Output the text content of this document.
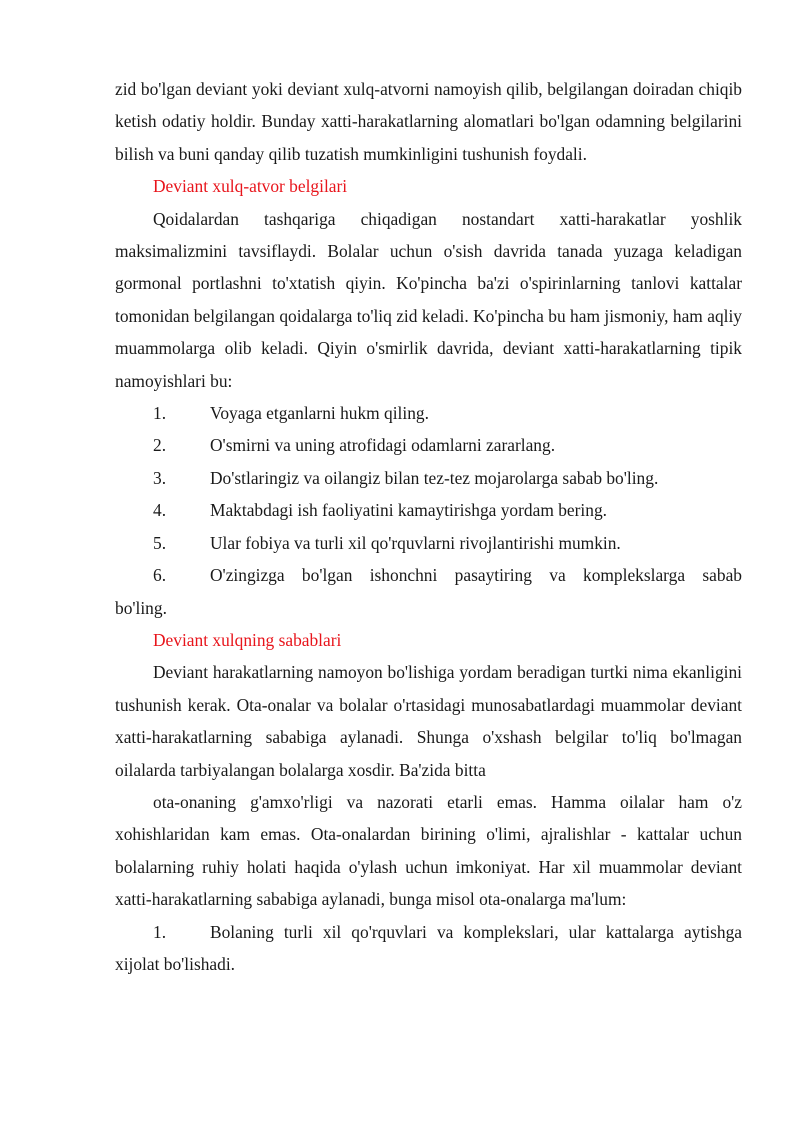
zid bo'lgan deviant yoki deviant xulq-atvorni namoyish qilib, belgilangan doiradan chiqib ketish odatiy holdir. Bunday xatti-harakatlarning alomatlari bo'lgan odamning belgilarini bilish va buni qanday qilib tuzatish mumkinligini tushunish foydali.

Deviant xulq-atvor belgilari

Qoidalardan tashqariga chiqadigan nostandart xatti-harakatlar yoshlik maksimalizmini tavsiflaydi. Bolalar uchun o'sish davrida tanada yuzaga keladigan gormonal portlashni to'xtatish qiyin. Ko'pincha ba'zi o'spirinlarning tanlovi kattalar tomonidan belgilangan qoidalarga to'liq zid keladi. Ko'pincha bu ham jismoniy, ham aqliy muammolarga olib keladi. Qiyin o'smirlik davrida, deviant xatti-harakatlarning tipik namoyishlari bu:

1.	Voyaga etganlarni hukm qiling.
2.	O'smirni va uning atrofidagi odamlarni zararlang.
3.	Do'stlaringiz va oilangiz bilan tez-tez mojarolarga sabab bo'ling.
4.	Maktabdagi ish faoliyatini kamaytirishga yordam bering.
5.	Ular fobiya va turli xil qo'rquvlarni rivojlantirishi mumkin.
6.	O'zingizga bo'lgan ishonchni pasaytiring va komplekslarga sabab
bo'ling.

Deviant xulqning sabablari

Deviant harakatlarning namoyon bo'lishiga yordam beradigan turtki nima ekanligini tushunish kerak. Ota-onalar va bolalar o'rtasidagi munosabatlardagi muammolar deviant xatti-harakatlarning sababiga aylanadi. Shunga o'xshash belgilar to'liq bo'lmagan oilalarda tarbiyalangan bolalarga xosdir. Ba'zida bitta

ota-onaning g'amxo'rligi va nazorati etarli emas. Hamma oilalar ham o'z xohishlaridan kam emas. Ota-onalardan birining o'limi, ajralishlar - kattalar uchun bolalarning ruhiy holati haqida o'ylash uchun imkoniyat. Har xil muammolar deviant xatti-harakatlarning sababiga aylanadi, bunga misol ota-onalarga ma'lum:

1.	Bolaning turli xil qo'rquvlari va komplekslari, ular kattalarga aytishga
xijolat bo'lishadi.
